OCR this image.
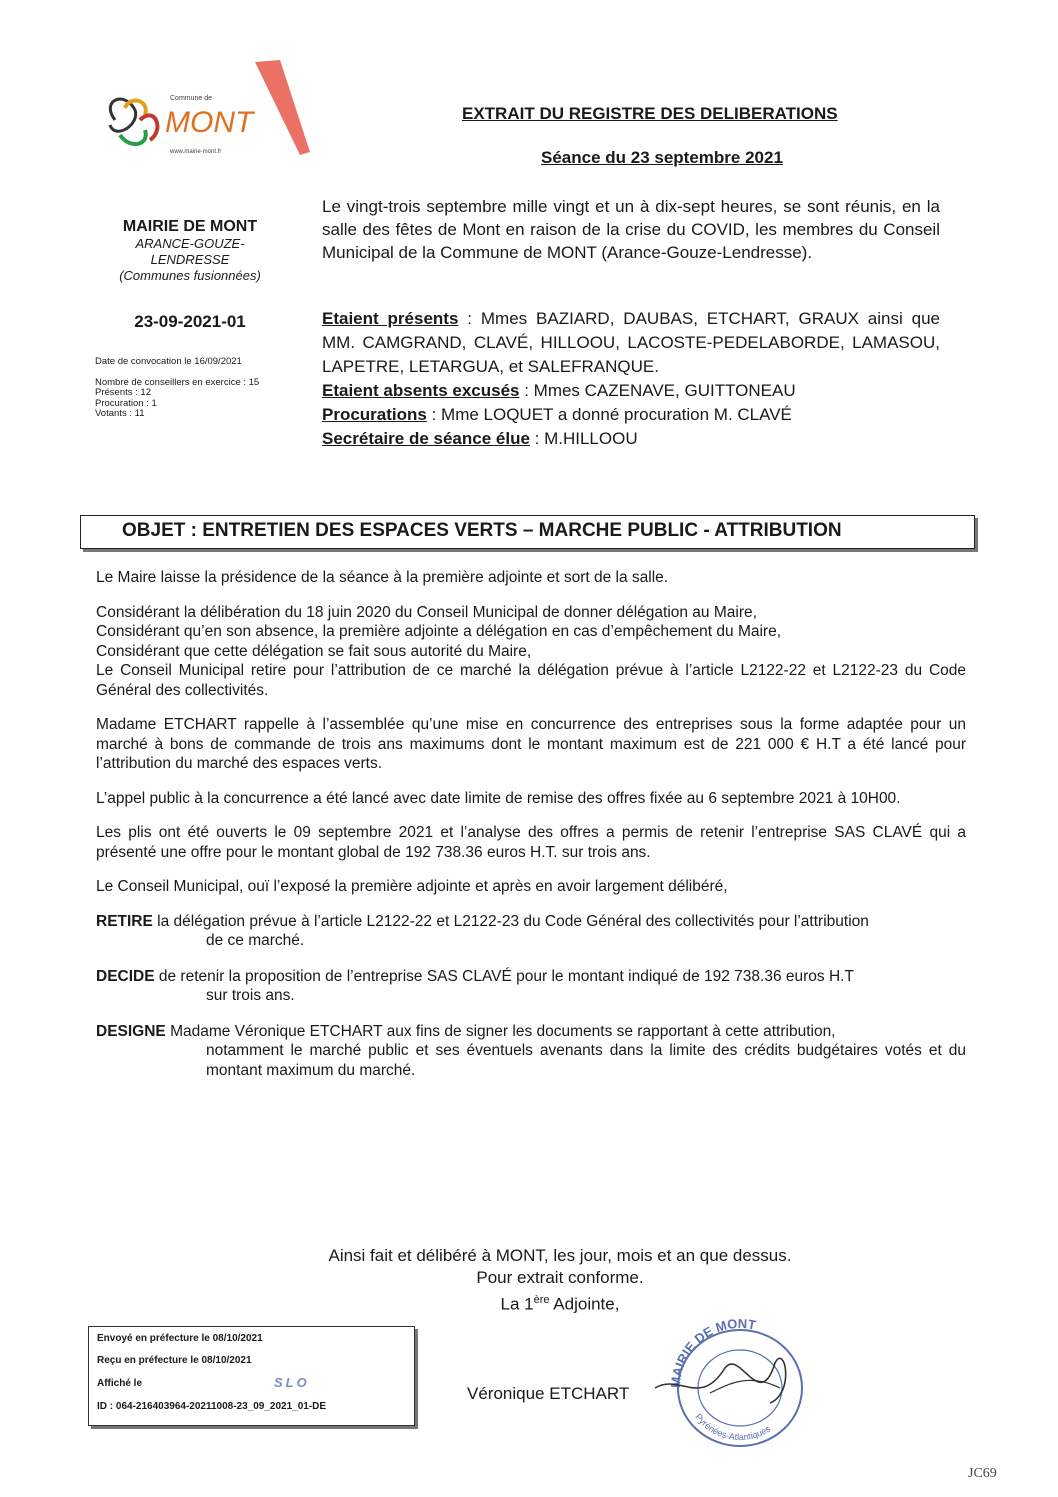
Commune de
MONT
www.mairie-mont.fr
EXTRAIT DU REGISTRE DES DELIBERATIONS
Séance du 23 septembre 2021
MAIRIE DE MONT
ARANCE-GOUZE-
LENDRESSE
(Communes fusionnées)
23-09-2021-01
Date de convocation le 16/09/2021
Nombre de conseillers en exercice : 15
Présents : 12
Procuration : 1
Votants : 11
Le vingt-trois septembre mille vingt et un à dix-sept heures, se sont réunis, en la salle des fêtes de Mont en raison de la crise du COVID, les membres du Conseil Municipal de la Commune de MONT (Arance-Gouze-Lendresse).

Etaient présents : Mmes BAZIARD, DAUBAS, ETCHART, GRAUX ainsi que MM. CAMGRAND, CLAVÉ, HILLOOU, LACOSTE-PEDELABORDE, LAMASOU, LAPETRE, LETARGUA, et SALEFRANQUE.

Etaient absents excusés : Mmes CAZENAVE, GUITTONEAU

Procurations : Mme LOQUET a donné procuration M. CLAVÉ

Secrétaire de séance élue : M.HILLOOU

OBJET : ENTRETIEN DES ESPACES VERTS – MARCHE PUBLIC - ATTRIBUTION

Le Maire laisse la présidence de la séance à la première adjointe et sort de la salle.

Considérant la délibération du 18 juin 2020 du Conseil Municipal de donner délégation au Maire,
Considérant qu’en son absence, la première adjointe a délégation en cas d’empêchement du Maire,
Considérant que cette délégation se fait sous autorité du Maire,
Le Conseil Municipal retire pour l’attribution de ce marché la délégation prévue à l’article L2122-22 et L2122-23 du Code Général des collectivités.

Madame ETCHART rappelle à l’assemblée qu’une mise en concurrence des entreprises sous la forme adaptée pour un marché à bons de commande de trois ans maximums dont le montant maximum est de 221 000 € H.T a été lancé pour l’attribution du marché des espaces verts.

L’appel public à la concurrence a été lancé avec date limite de remise des offres fixée au 6 septembre 2021 à 10H00.

Les plis ont été ouverts le 09 septembre 2021 et l’analyse des offres a permis de retenir l’entreprise SAS CLAVÉ qui a présenté une offre pour le montant global de 192 738.36 euros H.T. sur trois ans.

Le Conseil Municipal, ouï l’exposé la première adjointe et après en avoir largement délibéré,

RETIRE la délégation prévue à l’article L2122-22 et L2122-23 du Code Général des collectivités pour l’attribution
de ce marché.
DECIDE de retenir la proposition de l’entreprise SAS CLAVÉ pour le montant indiqué de 192 738.36 euros H.T
sur trois ans.
DESIGNE Madame Véronique ETCHART aux fins de signer les documents se rapportant à cette attribution,
notamment le marché public et ses éventuels avenants dans la limite des crédits budgétaires votés et du montant maximum du marché.
Ainsi fait et délibéré à MONT, les jour, mois et an que dessus.
Pour extrait conforme.
La 1ère Adjointe,
Envoyé en préfecture le 08/10/2021
Reçu en préfecture le 08/10/2021
Affiché le	SLO
ID : 064-216403964-20211008-23_09_2021_01-DE
Véronique ETCHART
MAIRIE DE MONT
Pyrénées-Atlantiques
JC69
